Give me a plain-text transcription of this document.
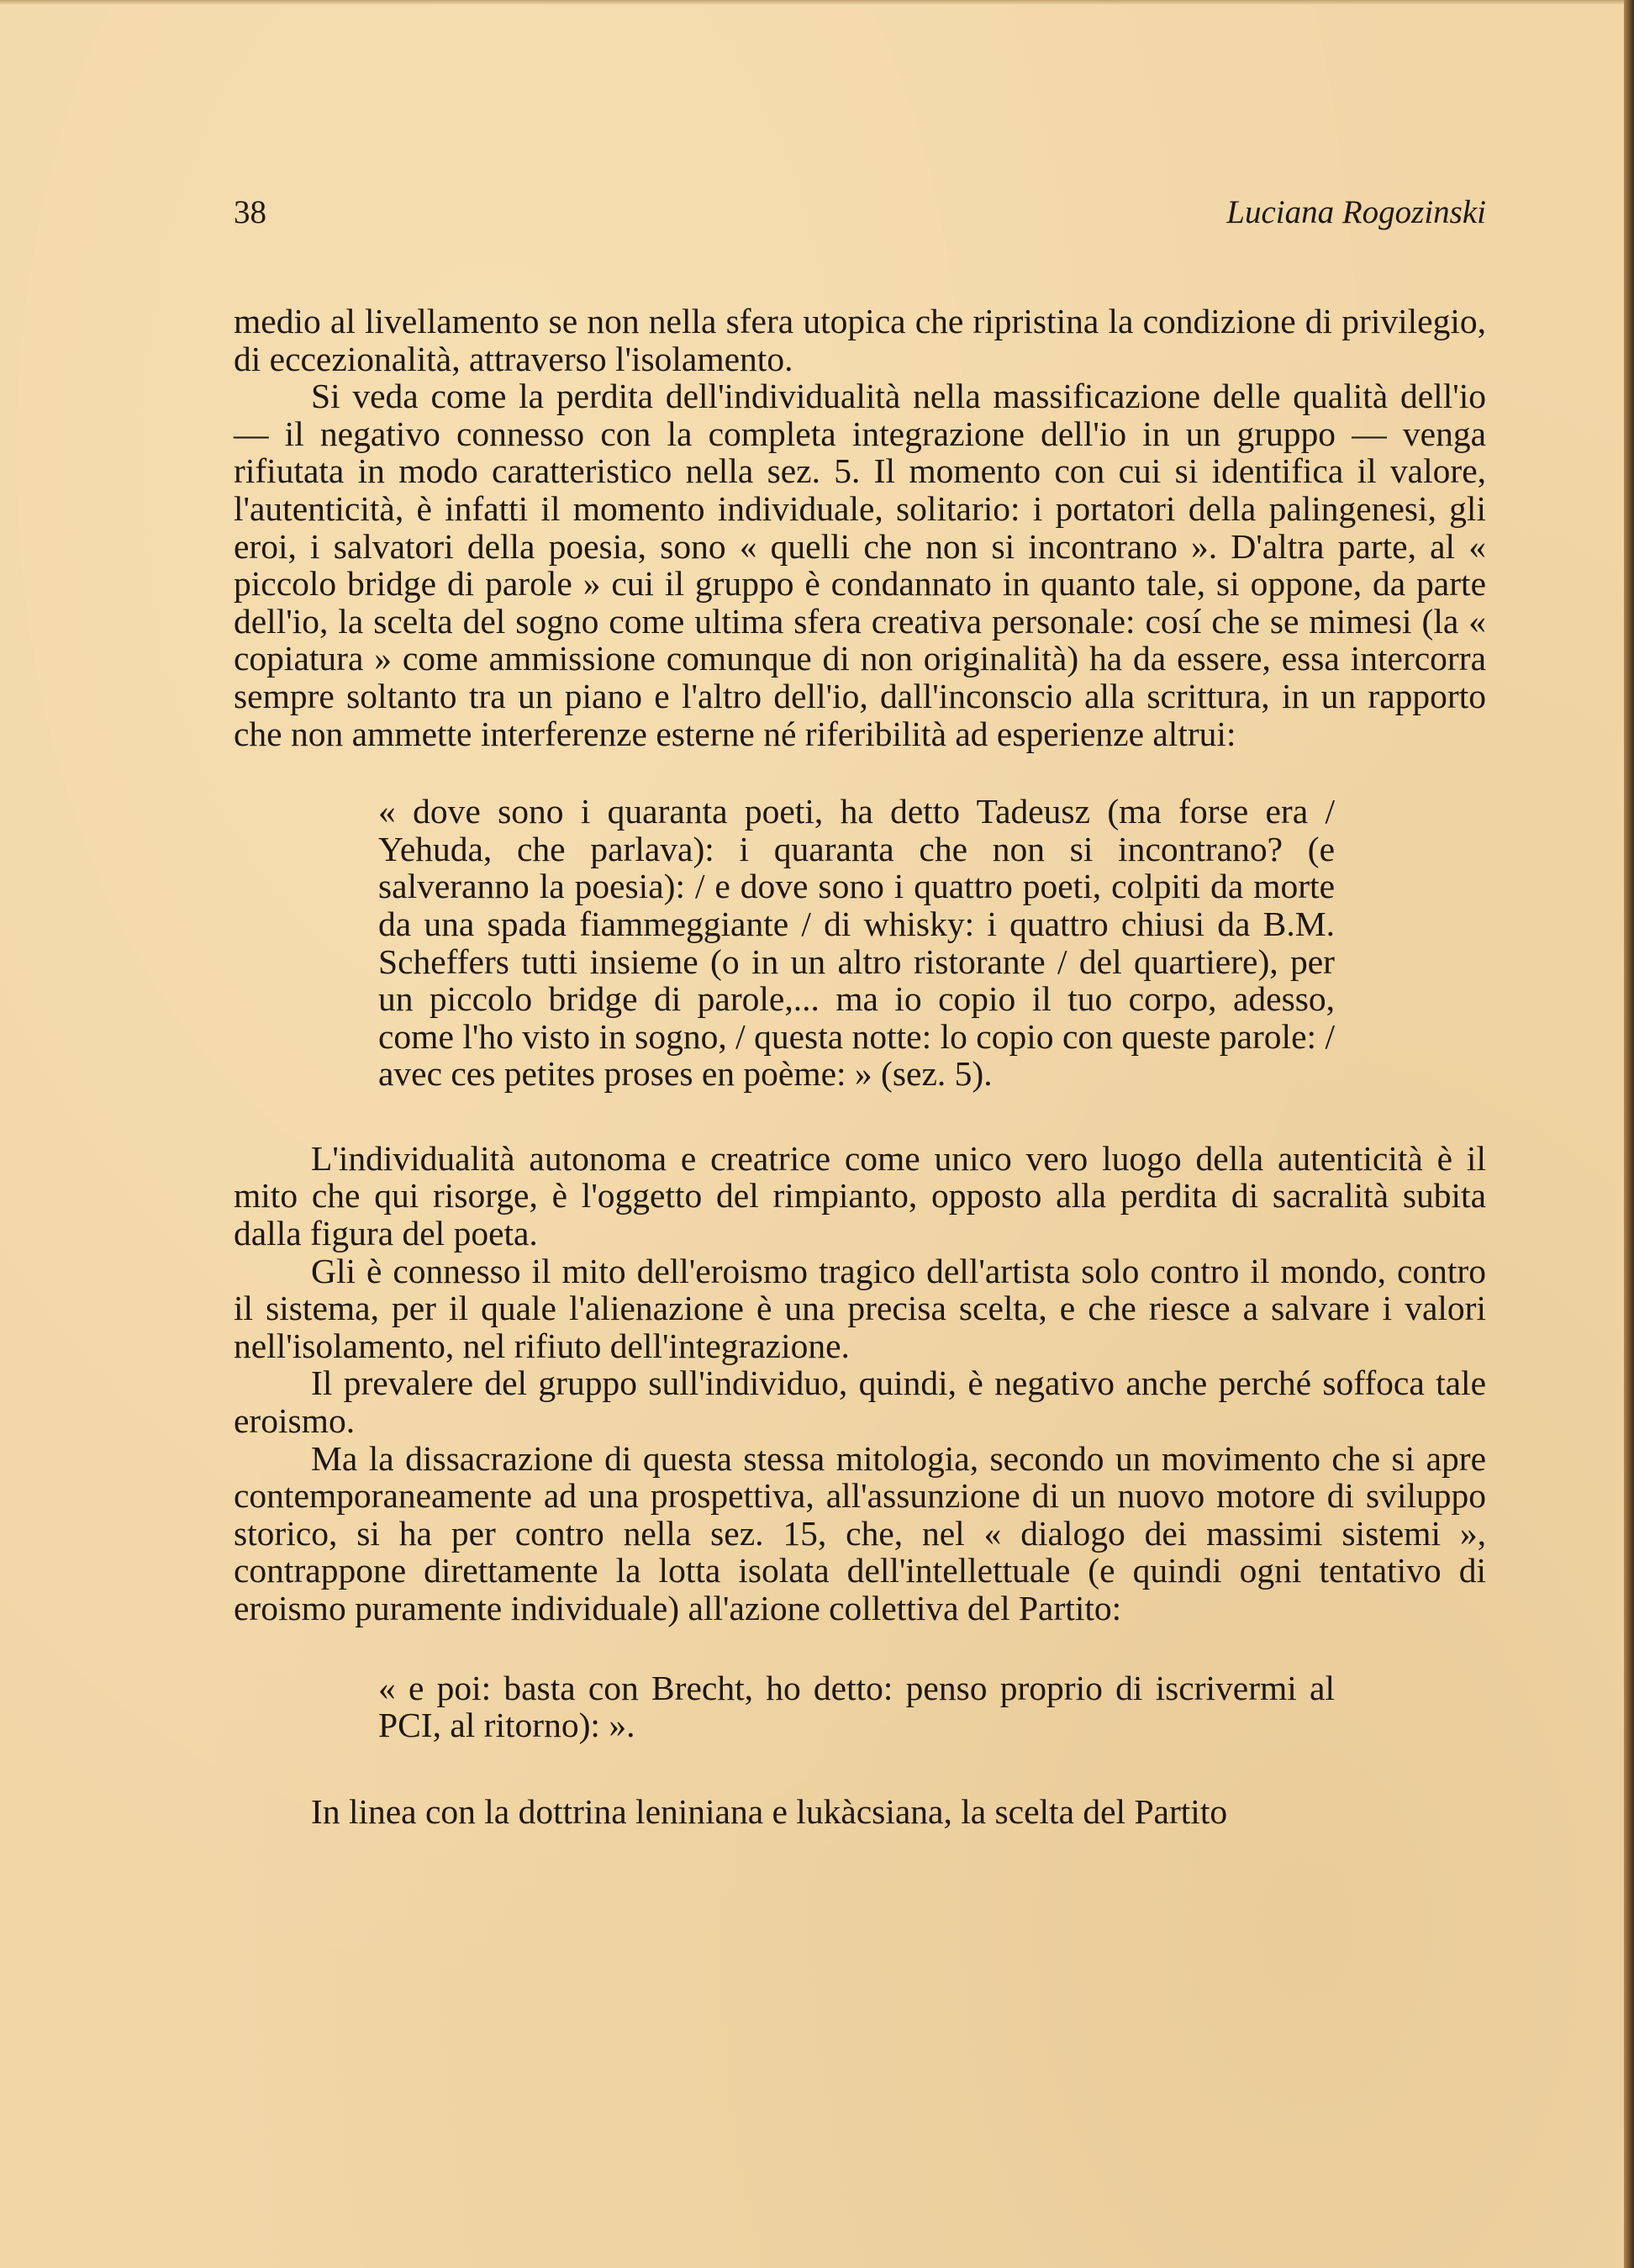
38	Luciana Rogozinski

medio al livellamento se non nella sfera utopica che ripristina la condizione di privilegio, di eccezionalità, attraverso l'isolamento.

Si veda come la perdita dell'individualità nella massificazione delle qualità dell'io — il negativo connesso con la completa integrazione dell'io in un gruppo — venga rifiutata in modo caratteristico nella sez. 5. Il momento con cui si identifica il valore, l'autenticità, è infatti il momento individuale, solitario: i portatori della palingenesi, gli eroi, i salvatori della poesia, sono « quelli che non si incontrano ». D'altra parte, al « piccolo bridge di parole » cui il gruppo è condannato in quanto tale, si oppone, da parte dell'io, la scelta del sogno come ultima sfera creativa personale: cosí che se mimesi (la « copiatura » come ammissione comunque di non originalità) ha da essere, essa intercorra sempre soltanto tra un piano e l'altro dell'io, dall'inconscio alla scrittura, in un rapporto che non ammette interferenze esterne né riferibilità ad esperienze altrui:

« dove sono i quaranta poeti, ha detto Tadeusz (ma forse era / Yehuda, che parlava): i quaranta che non si incontrano? (e salveranno la poesia): / e dove sono i quattro poeti, colpiti da morte da una spada fiammeggiante / di whisky: i quattro chiusi da B.M. Scheffers tutti insieme (o in un altro ristorante / del quartiere), per un piccolo bridge di parole,... ma io copio il tuo corpo, adesso, come l'ho visto in sogno, / questa notte: lo copio con queste parole: / avec ces petites proses en poème: » (sez. 5).

L'individualità autonoma e creatrice come unico vero luogo della autenticità è il mito che qui risorge, è l'oggetto del rimpianto, opposto alla perdita di sacralità subita dalla figura del poeta.

Gli è connesso il mito dell'eroismo tragico dell'artista solo contro il mondo, contro il sistema, per il quale l'alienazione è una precisa scelta, e che riesce a salvare i valori nell'isolamento, nel rifiuto dell'integrazione.

Il prevalere del gruppo sull'individuo, quindi, è negativo anche perché soffoca tale eroismo.

Ma la dissacrazione di questa stessa mitologia, secondo un movimento che si apre contemporaneamente ad una prospettiva, all'assunzione di un nuovo motore di sviluppo storico, si ha per contro nella sez. 15, che, nel « dialogo dei massimi sistemi », contrappone direttamente la lotta isolata dell'intellettuale (e quindi ogni tentativo di eroismo puramente individuale) all'azione collettiva del Partito:

« e poi: basta con Brecht, ho detto: penso proprio di iscrivermi al PCI, al ritorno): ».

In linea con la dottrina leniniana e lukàcsiana, la scelta del Partito
